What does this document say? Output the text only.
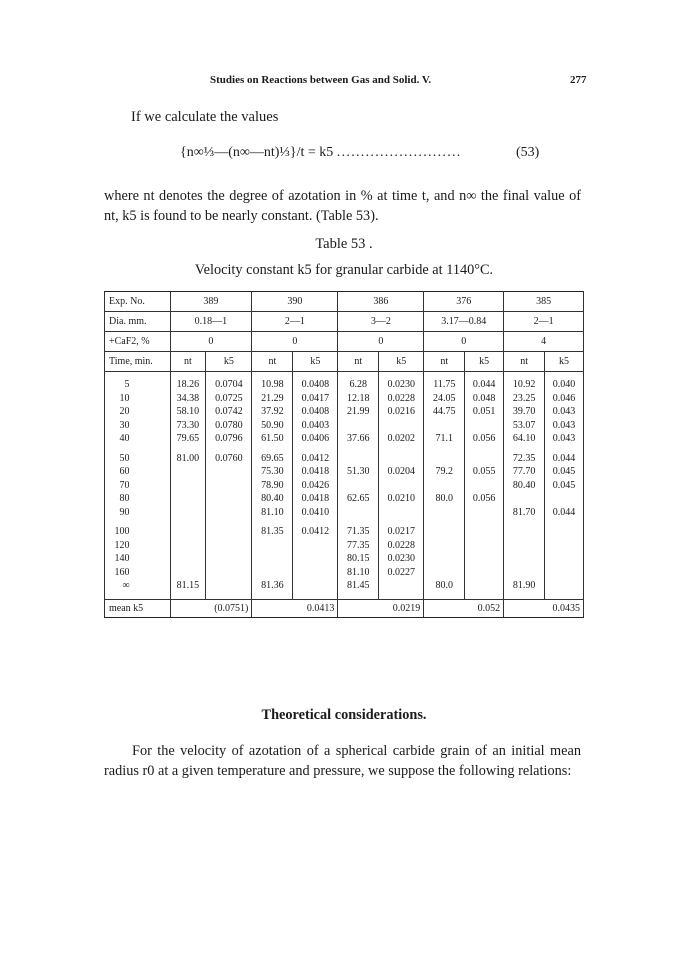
Studies on Reactions between Gas and Solid. V.	277
If we calculate the values
{n∞⅓—(n∞—nt)⅓}/t = k5 ..........................	(53)
where nt denotes the degree of azotation in % at time t, and n∞ the final value of nt, k5 is found to be nearly constant. (Table 53).
Table 53 .
Velocity constant k5 for granular carbide at 1140°C.
Exp. No.	389		390		386		376		385	
Dia. mm.	0.18—1		2—1		3—2		3.17—0.84		2—1	
+CaF2, %	0		0		0		0		4	
Time, min.	nt	k5	nt	k5	nt	k5	nt	k5	nt	k5
5	18.26	0.0704	10.98	0.0408	6.28	0.0230	11.75	0.044	10.92	0.040
10	34.38	0.0725	21.29	0.0417	12.18	0.0228	24.05	0.048	23.25	0.046
20	58.10	0.0742	37.92	0.0408	21.99	0.0216	44.75	0.051	39.70	0.043
30	73.30	0.0780	50.90	0.0403					53.07	0.043
40	79.65	0.0796	61.50	0.0406	37.66	0.0202	71.1	0.056	64.10	0.043
50	81.00	0.0760	69.65	0.0412					72.35	0.044
60			75.30	0.0418	51.30	0.0204	79.2	0.055	77.70	0.045
70			78.90	0.0426					80.40	0.045
80			80.40	0.0418	62.65	0.0210	80.0	0.056		
90			81.10	0.0410					81.70	0.044
100			81.35	0.0412	71.35	0.0217				
120					77.35	0.0228				
140					80.15	0.0230				
160					81.10	0.0227				
∞	81.15		81.36		81.45		80.0		81.90	
mean k5	(0.0751)		0.0413		0.0219		0.052		0.0435	
Theoretical considerations.
For the velocity of azotation of a spherical carbide grain of an initial mean radius r0 at a given temperature and pressure, we suppose the following relations:
